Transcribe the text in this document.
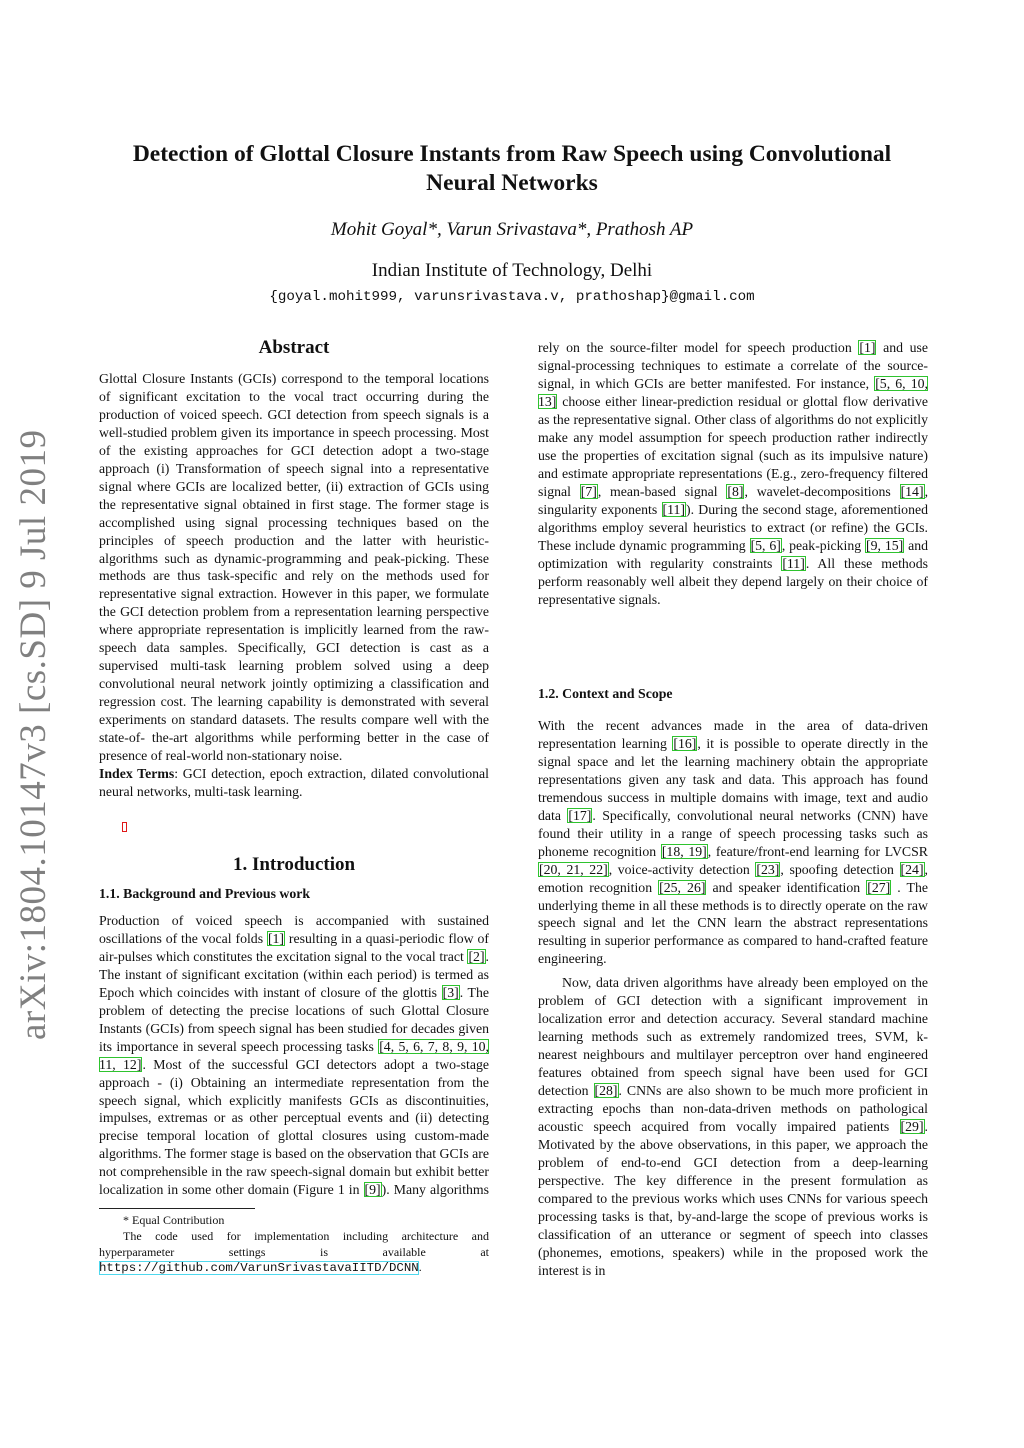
arXiv:1804.10147v3 [cs.SD] 9 Jul 2019
Detection of Glottal Closure Instants from Raw Speech using Convolutional Neural Networks
Mohit Goyal*, Varun Srivastava*, Prathosh AP
Indian Institute of Technology, Delhi
{goyal.mohit999, varunsrivastava.v, prathoshap}@gmail.com
Abstract

Glottal Closure Instants (GCIs) correspond to the temporal locations of significant excitation to the vocal tract occurring during the production of voiced speech. GCI detection from speech signals is a well-studied problem given its importance in speech processing. Most of the existing approaches for GCI detection adopt a two-stage approach (i) Transformation of speech signal into a representative signal where GCIs are localized better, (ii) extraction of GCIs using the representative signal obtained in first stage. The former stage is accomplished using signal processing techniques based on the principles of speech production and the latter with heuristic-algorithms such as dynamic-programming and peak-picking. These methods are thus task-specific and rely on the methods used for representative signal extraction. However in this paper, we formulate the GCI detection problem from a representation learning perspective where appropriate representation is implicitly learned from the raw-speech data samples. Specifically, GCI detection is cast as a supervised multi-task learning problem solved using a deep convolutional neural network jointly optimizing a classification and regression cost. The learning capability is demonstrated with several experiments on standard datasets. The results compare well with the state-of- the-art algorithms while performing better in the case of presence of real-world non-stationary noise.

Index Terms: GCI detection, epoch extraction, dilated convolutional neural networks, multi-task learning.

1. Introduction
1.1. Background and Previous work

Production of voiced speech is accompanied with sustained oscillations of the vocal folds [1] resulting in a quasi-periodic flow of air-pulses which constitutes the excitation signal to the vocal tract [2]. The instant of significant excitation (within each period) is termed as Epoch which coincides with instant of closure of the glottis [3]. The problem of detecting the precise locations of such Glottal Closure Instants (GCIs) from speech signal has been studied for decades given its importance in several speech processing tasks [4, 5, 6, 7, 8, 9, 10, 11, 12]. Most of the successful GCI detectors adopt a two-stage approach - (i) Obtaining an intermediate representation from the speech signal, which explicitly manifests GCIs as discontinuities, impulses, extremas or as other perceptual events and (ii) detecting precise temporal location of glottal closures using custom-made algorithms. The former stage is based on the observation that GCIs are not comprehensible in the raw speech-signal domain but exhibit better localization in some other domain (Figure 1 in [9]). Many algorithms

rely on the source-filter model for speech production [1] and use signal-processing techniques to estimate a correlate of the source-signal, in which GCIs are better manifested. For instance, [5, 6, 10, 13] choose either linear-prediction residual or glottal flow derivative as the representative signal. Other class of algorithms do not explicitly make any model assumption for speech production rather indirectly use the properties of excitation signal (such as its impulsive nature) and estimate appropriate representations (E.g., zero-frequency filtered signal [7], mean-based signal [8], wavelet-decompositions [14], singularity exponents [11]). During the second stage, aforementioned algorithms employ several heuristics to extract (or refine) the GCIs. These include dynamic programming [5, 6], peak-picking [9, 15] and optimization with regularity constraints [11]. All these methods perform reasonably well albeit they depend largely on their choice of representative signals.

1.2. Context and Scope

With the recent advances made in the area of data-driven representation learning [16], it is possible to operate directly in the signal space and let the learning machinery obtain the appropriate representations given any task and data. This approach has found tremendous success in multiple domains with image, text and audio data [17]. Specifically, convolutional neural networks (CNN) have found their utility in a range of speech processing tasks such as phoneme recognition [18, 19], feature/front-end learning for LVCSR [20, 21, 22], voice-activity detection [23], spoofing detection [24], emotion recognition [25, 26] and speaker identification [27] . The underlying theme in all these methods is to directly operate on the raw speech signal and let the CNN learn the abstract representations resulting in superior performance as compared to hand-crafted feature engineering.

Now, data driven algorithms have already been employed on the problem of GCI detection with a significant improvement in localization error and detection accuracy. Several standard machine learning methods such as extremely randomized trees, SVM, k-nearest neighbours and multilayer perceptron over hand engineered features obtained from speech signal have been used for GCI detection [28]. CNNs are also shown to be much more proficient in extracting epochs than non-data-driven methods on pathological acoustic speech acquired from vocally impaired patients [29]. Motivated by the above observations, in this paper, we approach the problem of end-to-end GCI detection from a deep-learning perspective. The key difference in the present formulation as compared to the previous works which uses CNNs for various speech processing tasks is that, by-and-large the scope of previous works is classification of an utterance or segment of speech into classes (phonemes, emotions, speakers) while in the proposed work the interest is in

* Equal Contribution

The code used for implementation including architecture and hyperparameter settings is available at https://github.com/VarunSrivastavaIITD/DCNN.
